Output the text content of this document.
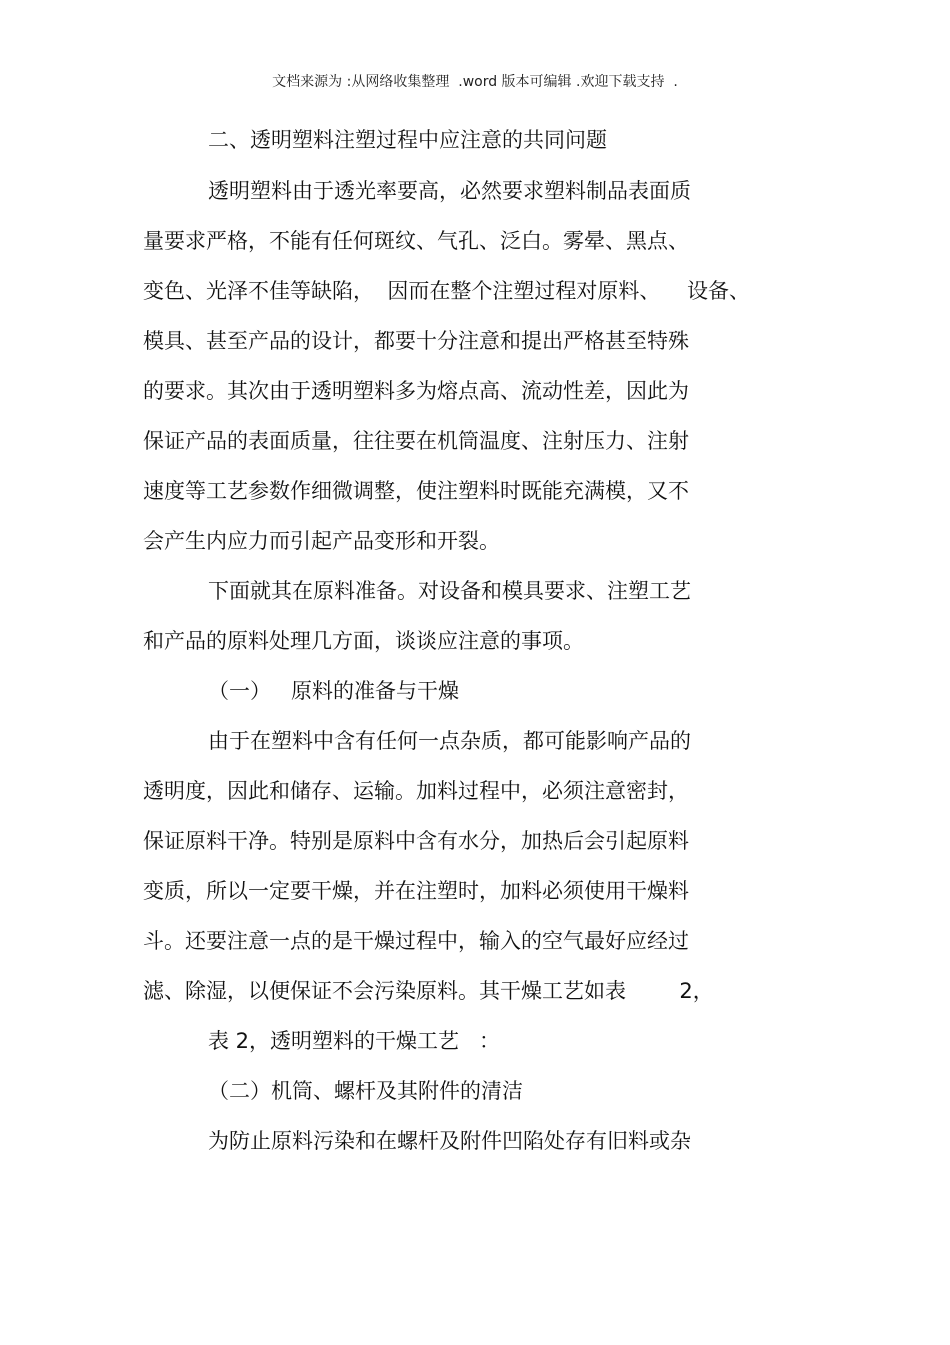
文档来源为 :从网络收集整理  .word 版本可编辑 .欢迎下载支持  .
二、透明塑料注塑过程中应注意的共同问题
透明塑料由于透光率要高，必然要求塑料制品表面质
量要求严格，不能有任何斑纹、气孔、泛白。雾晕、黑点、
变色、光泽不佳等缺陷，  因而在整个注塑过程对原料、    设备、
模具、甚至产品的设计，都要十分注意和提出严格甚至特殊
的要求。其次由于透明塑料多为熔点高、流动性差，因此为
保证产品的表面质量，往往要在机筒温度、注射压力、注射
速度等工艺参数作细微调整，使注塑料时既能充满模，又不
会产生内应力而引起产品变形和开裂。
下面就其在原料准备。对设备和模具要求、注塑工艺
和产品的原料处理几方面，谈谈应注意的事项。
（一）   原料的准备与干燥
由于在塑料中含有任何一点杂质，都可能影响产品的
透明度，因此和储存、运输。加料过程中，必须注意密封，
保证原料干净。特别是原料中含有水分，加热后会引起原料
变质，所以一定要干燥，并在注塑时，加料必须使用干燥料
斗。还要注意一点的是干燥过程中，输入的空气最好应经过
滤、除湿，以便保证不会污染原料。其干燥工艺如表        2，
表 2，透明塑料的干燥工艺   ：
（二）机筒、螺杆及其附件的清洁
为防止原料污染和在螺杆及附件凹陷处存有旧料或杂
